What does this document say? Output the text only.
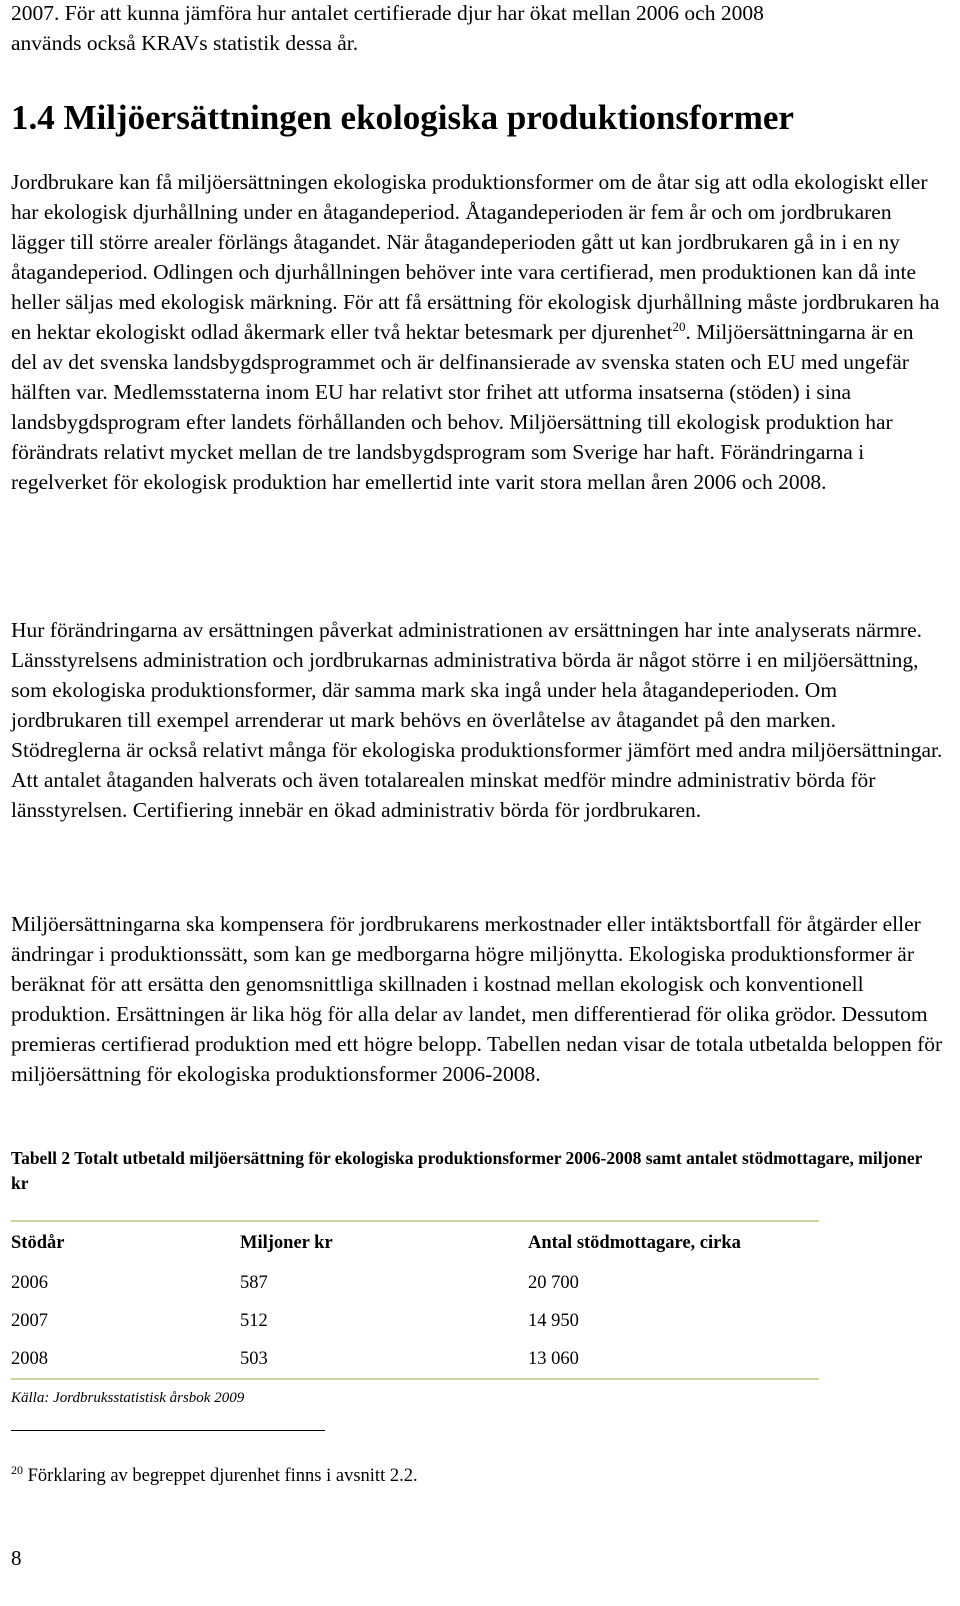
2007. För att kunna jämföra hur antalet certifierade djur har ökat mellan 2006 och 2008
används också KRAVs statistik dessa år.

1.4 Miljöersättningen ekologiska produktionsformer

Jordbrukare kan få miljöersättningen ekologiska produktionsformer om de åtar sig att odla ekologiskt eller har ekologisk djurhållning under en åtagandeperiod. Åtagandeperioden är fem år och om jordbrukaren lägger till större arealer förlängs åtagandet. När åtagandeperioden gått ut kan jordbrukaren gå in i en ny åtagandeperiod. Odlingen och djurhållningen behöver inte vara certifierad, men produktionen kan då inte heller säljas med ekologisk märkning. För att få ersättning för ekologisk djurhållning måste jordbrukaren ha en hektar ekologiskt odlad åkermark eller två hektar betesmark per djurenhet$^{20}$. Miljöersättningarna är en del av det svenska landsbygdsprogrammet och är delfinansierade av svenska staten och EU med ungefär hälften var. Medlemsstaterna inom EU har relativt stor frihet att utforma insatserna (stöden) i sina landsbygdsprogram efter landets förhållanden och behov. Miljöersättning till ekologisk produktion har förändrats relativt mycket mellan de tre landsbygdsprogram som Sverige har haft. Förändringarna i regelverket för ekologisk produktion har emellertid inte varit stora mellan åren 2006 och 2008.

Hur förändringarna av ersättningen påverkat administrationen av ersättningen har inte analyserats närmre. Länsstyrelsens administration och jordbrukarnas administrativa börda är något större i en miljöersättning, som ekologiska produktionsformer, där samma mark ska ingå under hela åtagandeperioden. Om jordbrukaren till exempel arrenderar ut mark behövs en överlåtelse av åtagandet på den marken. Stödreglerna är också relativt många för ekologiska produktionsformer jämfört med andra miljöersättningar. Att antalet åtaganden halverats och även totalarealen minskat medför mindre administrativ börda för länsstyrelsen. Certifiering innebär en ökad administrativ börda för jordbrukaren.

Miljöersättningarna ska kompensera för jordbrukarens merkostnader eller intäktsbortfall för åtgärder eller ändringar i produktionssätt, som kan ge medborgarna högre miljönytta. Ekologiska produktionsformer är beräknat för att ersätta den genomsnittliga skillnaden i kostnad mellan ekologisk och konventionell produktion. Ersättningen är lika hög för alla delar av landet, men differentierad för olika grödor. Dessutom premieras certifierad produktion med ett högre belopp. Tabellen nedan visar de totala utbetalda beloppen för miljöersättning för ekologiska produktionsformer 2006-2008.

Tabell 2 Totalt utbetald miljöersättning för ekologiska produktionsformer 2006-2008 samt antalet stödmottagare, miljoner kr

Stödår	Miljoner kr	Antal stödmottagare, cirka
2006	587	20 700
2007	512	14 950
2008	503	13 060
Källa: Jordbruksstatistisk årsbok 2009
$^{20}$ Förklaring av begreppet djurenhet finns i avsnitt 2.2.
8
